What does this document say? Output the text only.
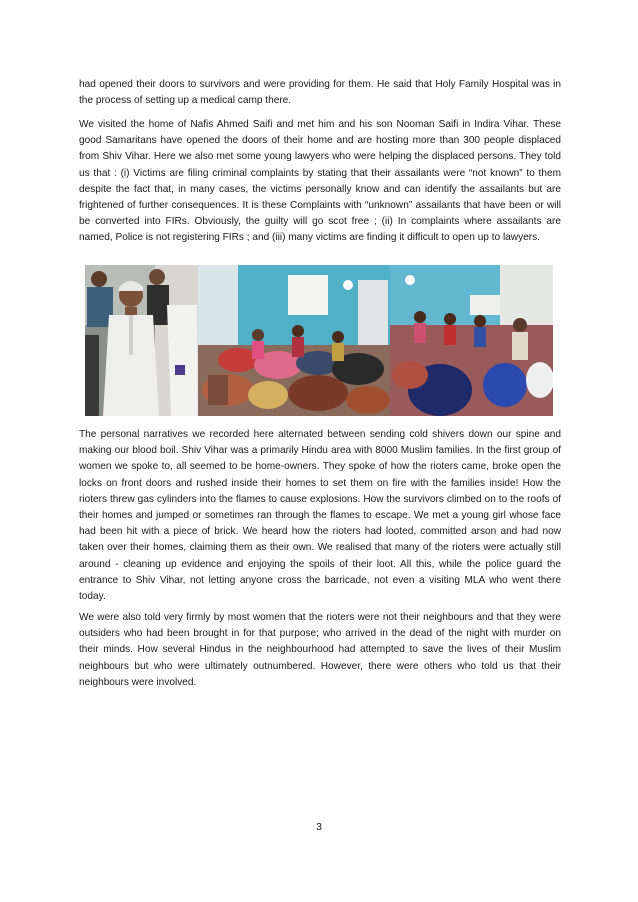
had opened their doors to survivors and were providing for them. He said that Holy Family Hospital was in the process of setting up a medical camp there.

We visited the home of Nafis Ahmed Saifi and met him and his son Nooman Saifi in Indira Vihar. These good Samaritans have opened the doors of their home and are hosting more than 300 people displaced from Shiv Vihar. Here we also met some young lawyers who were helping the displaced persons. They told us that : (i) Victims are filing criminal complaints by stating that their assailants were “not known” to them despite the fact that, in many cases, the victims personally know and can identify the assailants but are frightened of further consequences. It is these Complaints with “unknown” assailants that have been or will be converted into FIRs. Obviously, the guilty will go scot free ; (ii) In complaints where assailants are named, Police is not registering FIRs ; and (iii) many victims are finding it difficult to open up to lawyers.

The personal narratives we recorded here alternated between sending cold shivers down our spine and making our blood boil. Shiv Vihar was a primarily Hindu area with 8000 Muslim families. In the first group of women we spoke to, all seemed to be home-owners. They spoke of how the rioters came, broke open the locks on front doors and rushed inside their homes to set them on fire with the families inside! How the rioters threw gas cylinders into the flames to cause explosions. How the survivors climbed on to the roofs of their homes and jumped or sometimes ran through the flames to escape. We met a young girl whose face had been hit with a piece of brick. We heard how the rioters had looted, committed arson and had now taken over their homes, claiming them as their own. We realised that many of the rioters were actually still around - cleaning up evidence and enjoying the spoils of their loot. All this, while the police guard the entrance to Shiv Vihar, not letting anyone cross the barricade, not even a visiting MLA who went there today.

We were also told very firmly by most women that the rioters were not their neighbours and that they were outsiders who had been brought in for that purpose; who arrived in the dead of the night with murder on their minds. How several Hindus in the neighbourhood had attempted to save the lives of their Muslim neighbours but who were ultimately outnumbered. However, there were others who told us that their neighbours were involved.

3
